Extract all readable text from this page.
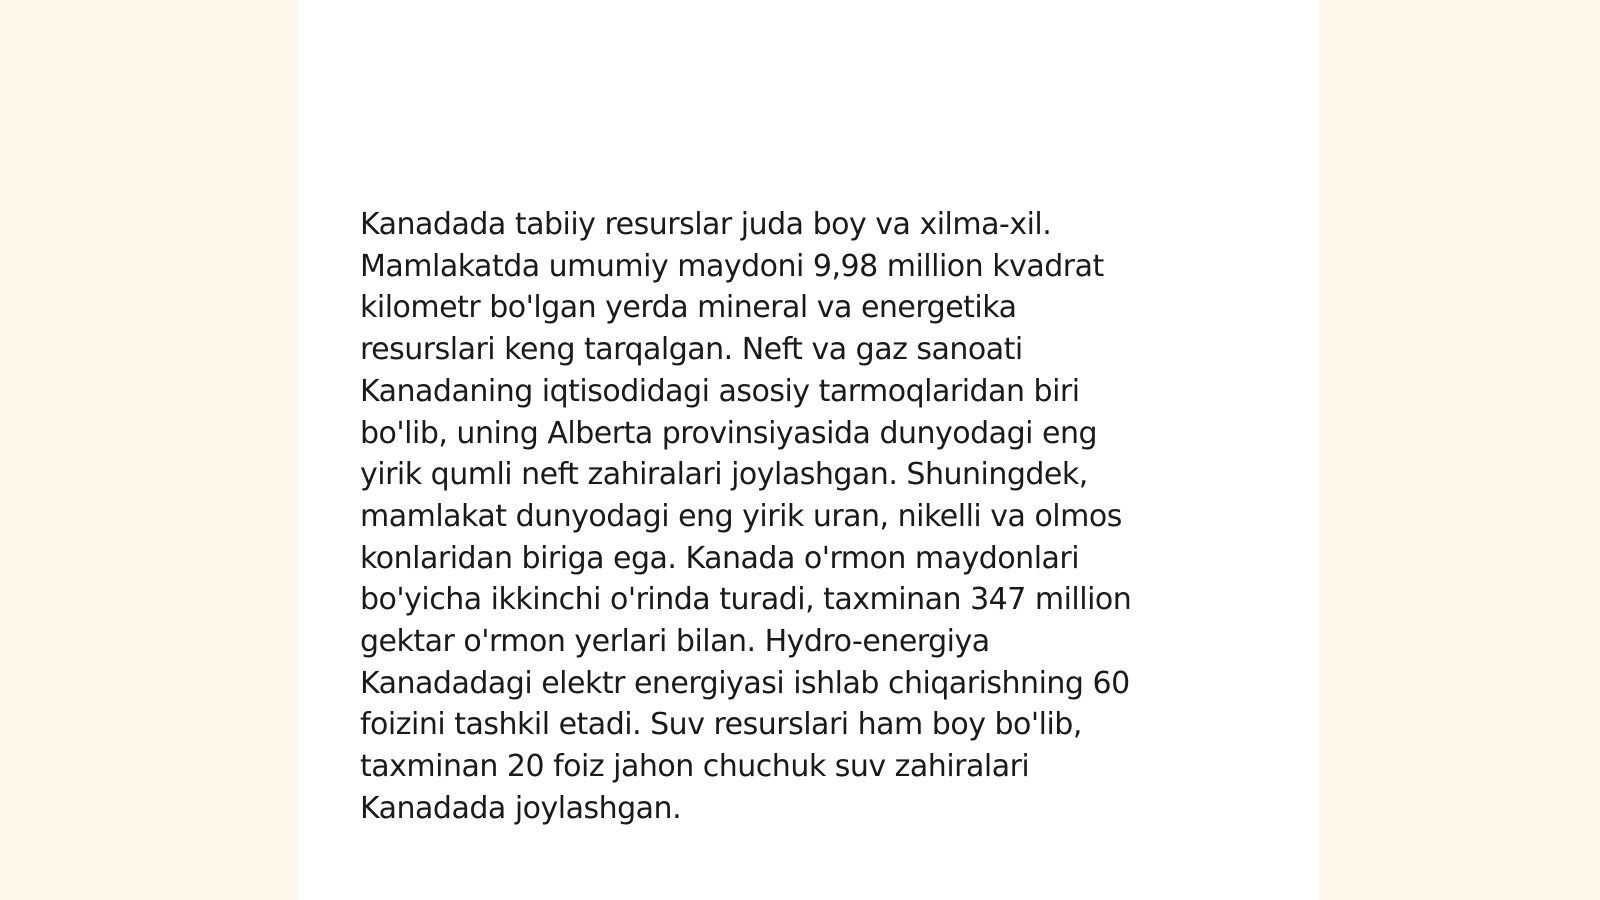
Kanadada tabiiy resurslar juda boy va xilma-xil.
Mamlakatda umumiy maydoni 9,98 million kvadrat
kilometr bo'lgan yerda mineral va energetika
resurslari keng tarqalgan. Neft va gaz sanoati
Kanadaning iqtisodidagi asosiy tarmoqlaridan biri
bo'lib, uning Alberta provinsiyasida dunyodagi eng
yirik qumli neft zahiralari joylashgan. Shuningdek,
mamlakat dunyodagi eng yirik uran, nikelli va olmos
konlaridan biriga ega. Kanada o'rmon maydonlari
bo'yicha ikkinchi o'rinda turadi, taxminan 347 million
gektar o'rmon yerlari bilan. Hydro-energiya
Kanadadagi elektr energiyasi ishlab chiqarishning 60
foizini tashkil etadi. Suv resurslari ham boy bo'lib,
taxminan 20 foiz jahon chuchuk suv zahiralari
Kanadada joylashgan.
